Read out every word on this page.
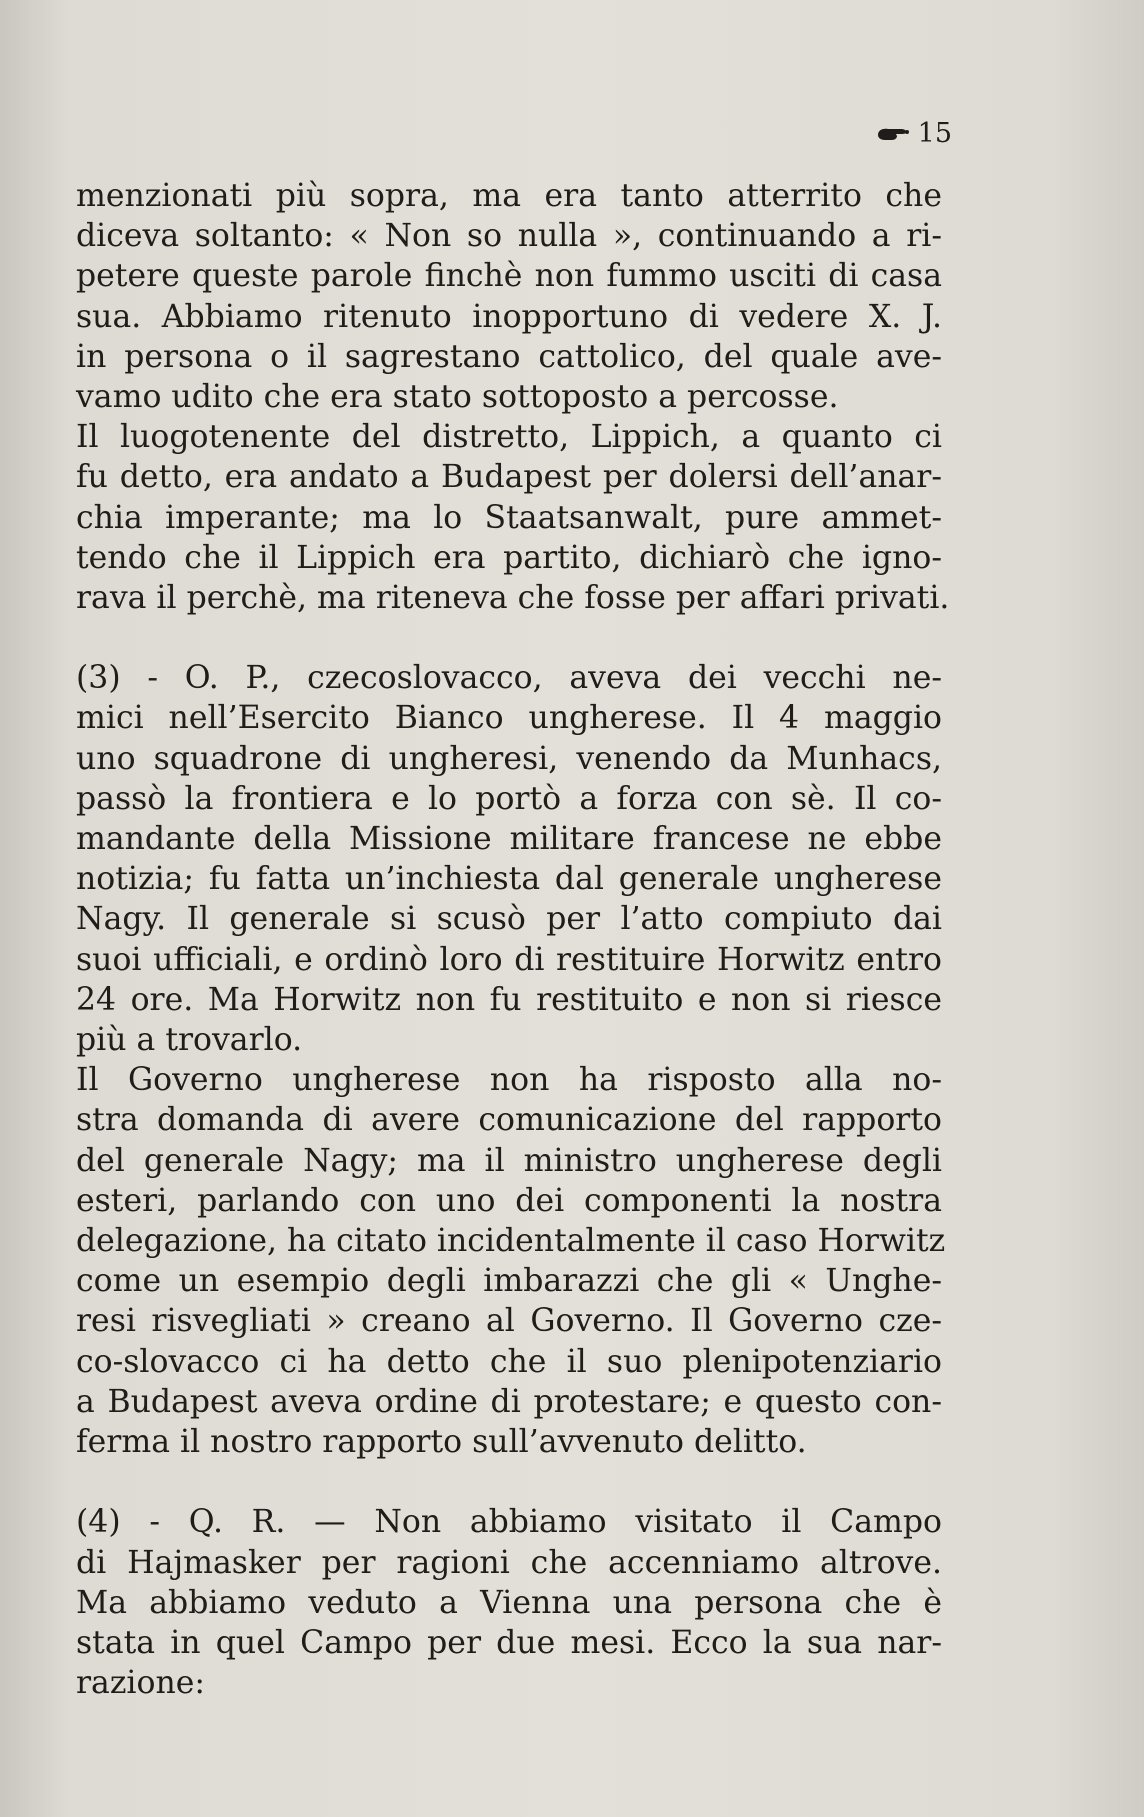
15
menzionati più sopra, ma era tanto atterrito che
diceva soltanto: « Non so nulla », continuando a ri-
petere queste parole finchè non fummo usciti di casa
sua. Abbiamo ritenuto inopportuno di vedere X. J.
in persona o il sagrestano cattolico, del quale ave-
vamo udito che era stato sottoposto a percosse.
Il luogotenente del distretto, Lippich, a quanto ci
fu detto, era andato a Budapest per dolersi dell’anar-
chia imperante; ma lo Staatsanwalt, pure ammet-
tendo che il Lippich era partito, dichiarò che igno-
rava il perchè, ma riteneva che fosse per affari privati.
(3) - O. P., czecoslovacco, aveva dei vecchi ne-
mici nell’Esercito Bianco ungherese. Il 4 maggio
uno squadrone di ungheresi, venendo da Munhacs,
passò la frontiera e lo portò a forza con sè. Il co-
mandante della Missione militare francese ne ebbe
notizia; fu fatta un’inchiesta dal generale ungherese
Nagy. Il generale si scusò per l’atto compiuto dai
suoi ufficiali, e ordinò loro di restituire Horwitz entro
24 ore. Ma Horwitz non fu restituito e non si riesce
più a trovarlo.
Il Governo ungherese non ha risposto alla no-
stra domanda di avere comunicazione del rapporto
del generale Nagy; ma il ministro ungherese degli
esteri, parlando con uno dei componenti la nostra
delegazione, ha citato incidentalmente il caso Horwitz
come un esempio degli imbarazzi che gli « Unghe-
resi risvegliati » creano al Governo. Il Governo cze-
co-slovacco ci ha detto che il suo plenipotenziario
a Budapest aveva ordine di protestare; e questo con-
ferma il nostro rapporto sull’avvenuto delitto.
(4) - Q. R. — Non abbiamo visitato il Campo
di Hajmasker per ragioni che accenniamo altrove.
Ma abbiamo veduto a Vienna una persona che è
stata in quel Campo per due mesi. Ecco la sua nar-
razione:
